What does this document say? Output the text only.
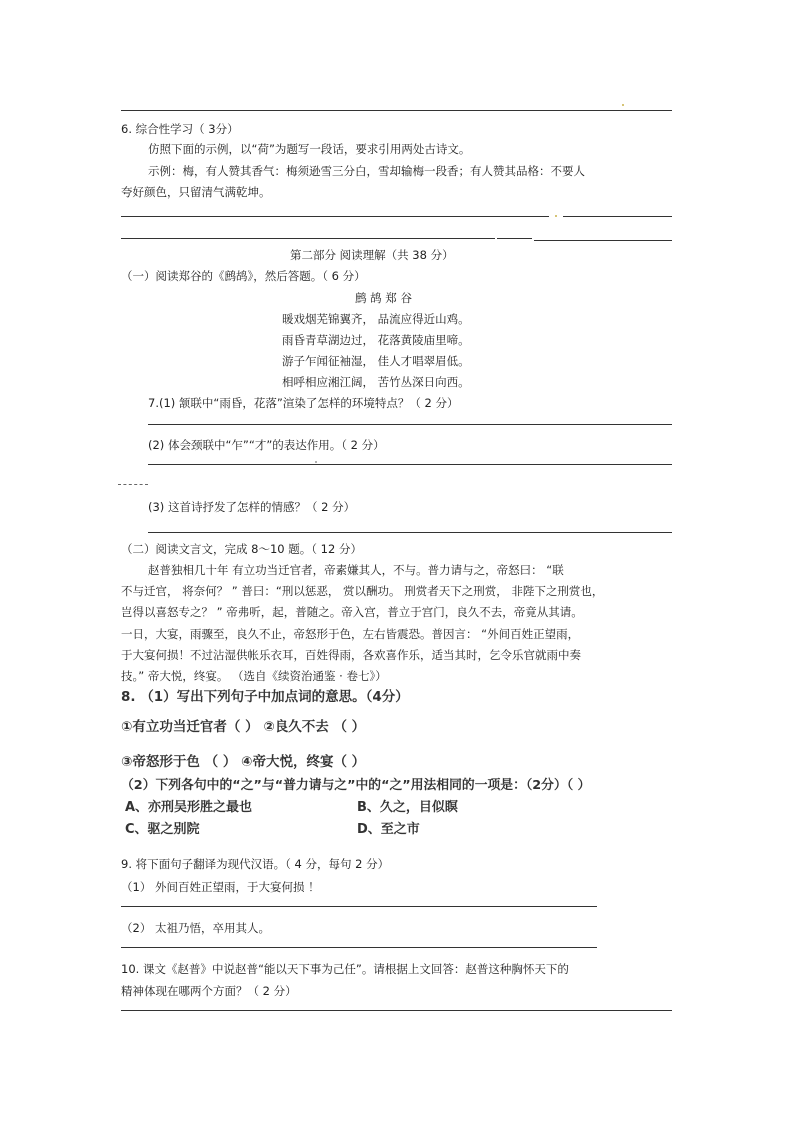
6. 综合性学习（ 3分）
仿照下面的示例，以“荷”为题写一段话，要求引用两处古诗文。
示例：梅，有人赞其香气：梅须逊雪三分白，雪却输梅一段香；有人赞其品格：不要人
夸好颜色，只留清气满乾坤。
第二部分 阅读理解（共 38 分）
（一）阅读郑谷的《鹧鸪》，然后答题。（ 6 分）
鹧 鸪 郑 谷
暖戏烟芜锦翼齐， 品流应得近山鸡。
雨昏青草湖边过， 花落黄陵庙里啼。
游子乍闻征袖湿， 佳人才唱翠眉低。
相呼相应湘江阔， 苦竹丛深日向西。
7.(1) 颔联中“雨昏，花落”渲染了怎样的环境特点？（ 2 分）
(2) 体会颈联中“乍”“才”的表达作用。（ 2 分）
(3) 这首诗抒发了怎样的情感？（ 2 分）
（二）阅读文言文，完成 8～10 题。（ 12 分）
赵普独相几十年 有立功当迁官者，帝素嫌其人，不与。普力请与之，帝怒曰： “联
不与迁官， 将奈何？ ” 普曰：“刑以惩恶， 赏以酬功。 刑赏者天下之刑赏， 非陛下之刑赏也，
岂得以喜怒专之？ ” 帝弗听，起，普随之。帝入宫，普立于宫门，良久不去，帝竟从其请。
一日，大宴，雨骤至，良久不止，帝怒形于色，左右皆震恐。普因言： “外间百姓正望雨，
于大宴何损！不过沾湿供帐乐衣耳，百姓得雨，各欢喜作乐，适当其时，乞令乐官就雨中奏
技。” 帝大悦，终宴。 （选自《续资治通鉴 · 卷七》）
8. （1）写出下列句子中加点词的意思。（4分）
①有立功当迁官者（ ） ②良久不去 （ ）
③帝怒形于色 （ ） ④帝大悦，终宴（ ）
（2）下列各句中的“之”与“普力请与之”中的“之”用法相同的一项是：（2分）（ ）
A、亦刑吴形胜之最也	B、久之，目似瞑
C、驱之别院	D、至之市
9. 将下面句子翻译为现代汉语。（ 4 分，每句 2 分）
（1） 外间百姓正望雨，于大宴何损 ！
（2） 太祖乃悟，卒用其人。
10. 课文《赵普》中说赵普“能以天下事为己任”。请根据上文回答：赵普这种胸怀天下的
精神体现在哪两个方面？（ 2 分）
